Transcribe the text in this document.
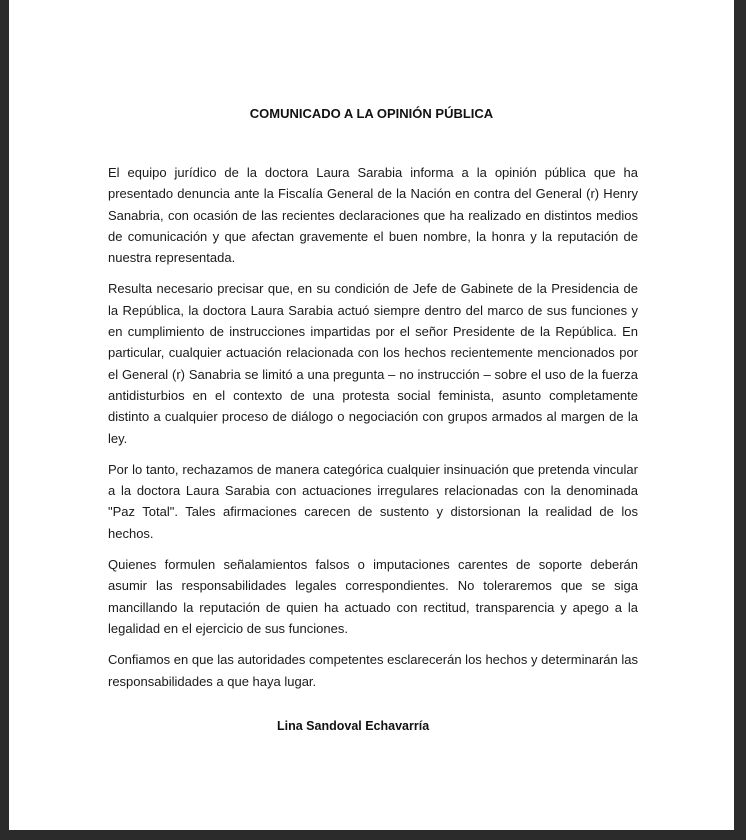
COMUNICADO A LA OPINIÓN PÚBLICA

El equipo jurídico de la doctora Laura Sarabia informa a la opinión pública que ha presentado denuncia ante la Fiscalía General de la Nación en contra del General (r) Henry Sanabria, con ocasión de las recientes declaraciones que ha realizado en distintos medios de comunicación y que afectan gravemente el buen nombre, la honra y la reputación de nuestra representada.

Resulta necesario precisar que, en su condición de Jefe de Gabinete de la Presidencia de la República, la doctora Laura Sarabia actuó siempre dentro del marco de sus funciones y en cumplimiento de instrucciones impartidas por el señor Presidente de la República. En particular, cualquier actuación relacionada con los hechos recientemente mencionados por el General (r) Sanabria se limitó a una pregunta – no instrucción – sobre el uso de la fuerza antidisturbios en el contexto de una protesta social feminista, asunto completamente distinto a cualquier proceso de diálogo o negociación con grupos armados al margen de la ley.

Por lo tanto, rechazamos de manera categórica cualquier insinuación que pretenda vincular a la doctora Laura Sarabia con actuaciones irregulares relacionadas con la denominada "Paz Total". Tales afirmaciones carecen de sustento y distorsionan la realidad de los hechos.

Quienes formulen señalamientos falsos o imputaciones carentes de soporte deberán asumir las responsabilidades legales correspondientes. No toleraremos que se siga mancillando la reputación de quien ha actuado con rectitud, transparencia y apego a la legalidad en el ejercicio de sus funciones.

Confiamos en que las autoridades competentes esclarecerán los hechos y determinarán las responsabilidades a que haya lugar.

Lina Sandoval Echavarría
